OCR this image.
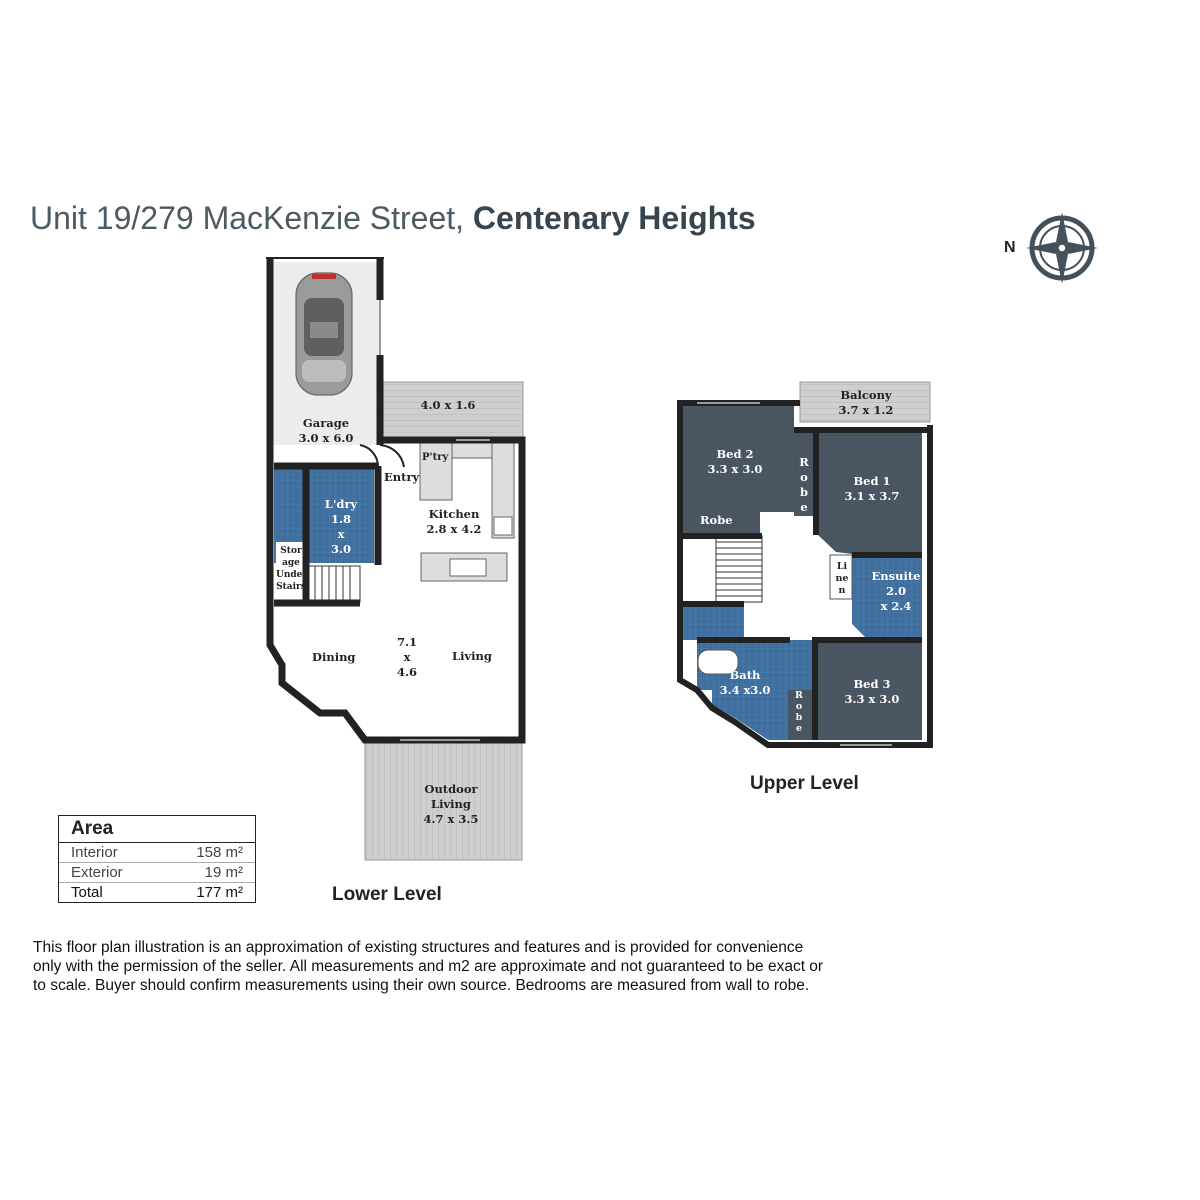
Unit 19/279 MacKenzie Street, Centenary Heights
Garage
3.0 x 6.0
4.0 x 1.6
P'try
Entry
Kitchen
2.8 x 4.2
L'dry
1.8
x
3.0
Stor
age
Under
Stairs
Dining
7.1
x
4.6
Living
Outdoor
Living
4.7 x 3.5
Lower Level
Balcony
3.7 x 1.2
Bed 2
3.3 x 3.0
Robe
R
o
b
e
Bed 1
3.1 x 3.7
Li
ne
n
Ensuite
2.0
x 2.4
Bath
3.4 x3.0	R
o
b
e
Bed 3
3.3 x 3.0
Upper Level
N
Area
Interior	158 m²
Exterior	19 m²
Total	177 m²
This floor plan illustration is an approximation of existing structures and features and is provided for convenience
only with the permission of the seller. All measurements and m2 are approximate and not guaranteed to be exact or
to scale. Buyer should confirm measurements using their own source. Bedrooms are measured from wall to robe.
